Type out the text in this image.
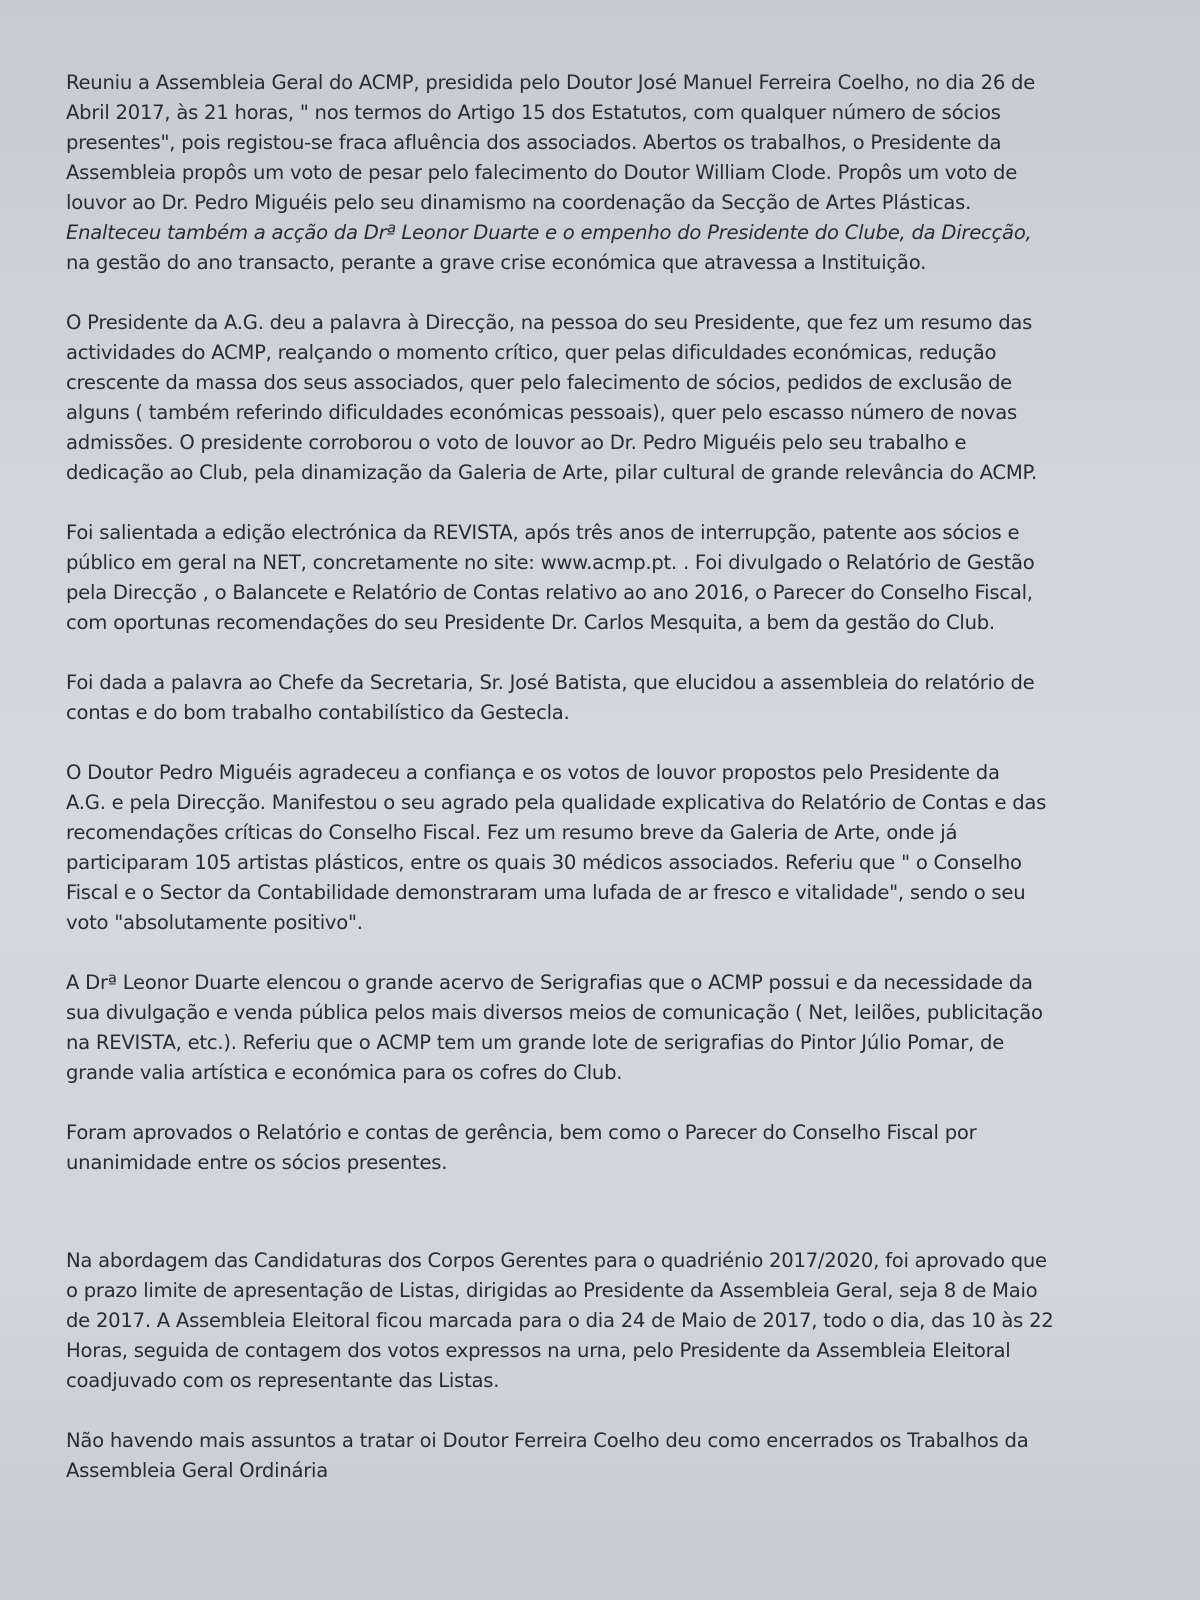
Reuniu a Assembleia Geral do ACMP, presidida pelo Doutor José Manuel Ferreira Coelho, no dia 26 de
Abril 2017, às 21 horas, " nos termos do Artigo 15 dos Estatutos, com qualquer número de sócios
presentes", pois registou-se fraca afluência dos associados. Abertos os trabalhos, o Presidente da
Assembleia propôs um voto de pesar pelo falecimento do Doutor William Clode. Propôs um voto de
louvor ao Dr. Pedro Miguéis pelo seu dinamismo na coordenação da Secção de Artes Plásticas.
Enalteceu também a acção da Drª Leonor Duarte e o empenho do Presidente do Clube, da Direcção,
na gestão do ano transacto, perante a grave crise económica que atravessa a Instituição.

O Presidente da A.G. deu a palavra à Direcção, na pessoa do seu Presidente, que fez um resumo das
actividades do ACMP, realçando o momento crítico, quer pelas dificuldades económicas, redução
crescente da massa dos seus associados, quer pelo falecimento de sócios, pedidos de exclusão de
alguns ( também referindo dificuldades económicas pessoais), quer pelo escasso número de novas
admissões. O presidente corroborou o voto de louvor ao Dr. Pedro Miguéis pelo seu trabalho e
dedicação ao Club, pela dinamização da Galeria de Arte, pilar cultural de grande relevância do ACMP.

Foi salientada a edição electrónica da REVISTA, após três anos de interrupção, patente aos sócios e
público em geral na NET, concretamente no site: www.acmp.pt. . Foi divulgado o Relatório de Gestão
pela Direcção , o Balancete e Relatório de Contas relativo ao ano 2016, o Parecer do Conselho Fiscal,
com oportunas recomendações do seu Presidente Dr. Carlos Mesquita, a bem da gestão do Club.

Foi dada a palavra ao Chefe da Secretaria, Sr. José Batista, que elucidou a assembleia do relatório de
contas e do bom trabalho contabilístico da Gestecla.

O Doutor Pedro Miguéis agradeceu a confiança e os votos de louvor propostos pelo Presidente da
A.G. e pela Direcção. Manifestou o seu agrado pela qualidade explicativa do Relatório de Contas e das
recomendações críticas do Conselho Fiscal. Fez um resumo breve da Galeria de Arte, onde já
participaram 105 artistas plásticos, entre os quais 30 médicos associados. Referiu que " o Conselho
Fiscal e o Sector da Contabilidade demonstraram uma lufada de ar fresco e vitalidade", sendo o seu
voto "absolutamente positivo".

A Drª Leonor Duarte elencou o grande acervo de Serigrafias que o ACMP possui e da necessidade da
sua divulgação e venda pública pelos mais diversos meios de comunicação ( Net, leilões, publicitação
na REVISTA, etc.). Referiu que o ACMP tem um grande lote de serigrafias do Pintor Júlio Pomar, de
grande valia artística e económica para os cofres do Club.

Foram aprovados o Relatório e contas de gerência, bem como o Parecer do Conselho Fiscal por
unanimidade entre os sócios presentes.

Na abordagem das Candidaturas dos Corpos Gerentes para o quadriénio 2017/2020, foi aprovado que
o prazo limite de apresentação de Listas, dirigidas ao Presidente da Assembleia Geral, seja 8 de Maio
de 2017. A Assembleia Eleitoral ficou marcada para o dia 24 de Maio de 2017, todo o dia, das 10 às 22
Horas, seguida de contagem dos votos expressos na urna, pelo Presidente da Assembleia Eleitoral
coadjuvado com os representante das Listas.

Não havendo mais assuntos a tratar oi Doutor Ferreira Coelho deu como encerrados os Trabalhos da
Assembleia Geral Ordinária
